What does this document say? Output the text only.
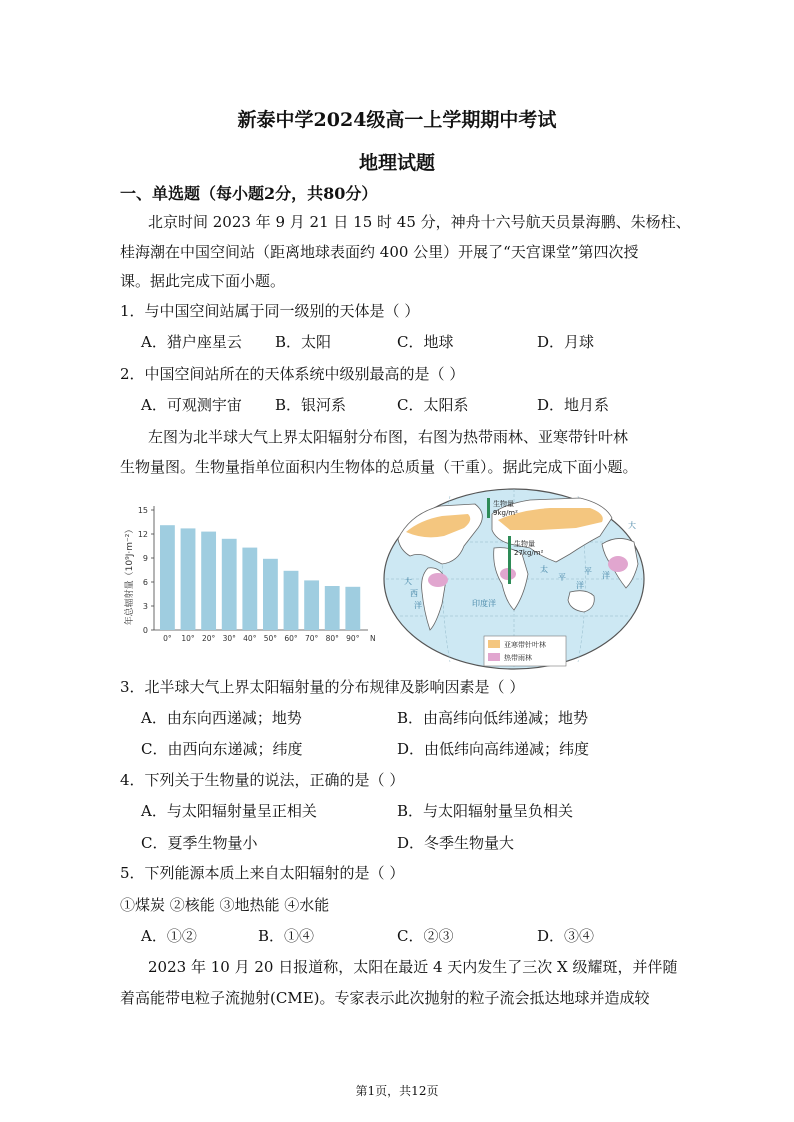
新泰中学2024级高一上学期期中考试
地理试题
一、单选题（每小题2分，共80分）
北京时间 2023 年 9 月 21 日 15 时 45 分，神舟十六号航天员景海鹏、朱杨柱、
桂海潮在中国空间站（距离地球表面约 400 公里）开展了“天宫课堂”第四次授
课。据此完成下面小题。
1．与中国空间站属于同一级别的天体是（ ）
A．猎户座星云 B．太阳	C．地球	D．月球
2．中国空间站所在的天体系统中级别最高的是（ ）
A．可观测宇宙 B．银河系	C．太阳系	D．地月系
左图为北半球大气上界太阳辐射分布图，右图为热带雨林、亚寒带针叶林
生物量图。生物量指单位面积内生物体的总质量（干重）。据此完成下面小题。
年总辐射量（10⁹J·m⁻²）
0
3
6
9
12
15
0° 10° 20° 30° 40° 50° 60° 70° 80° 90° N
生物量
9kg/m²
生物量
27kg/m²
大
西
洋
太
平
洋
印度洋
大
平 洋
亚寒带针叶林
热带雨林
3．北半球大气上界太阳辐射量的分布规律及影响因素是（ ）
A．由东向西递减；地势	B．由高纬向低纬递减；地势
C．由西向东递减；纬度	D．由低纬向高纬递减；纬度
4．下列关于生物量的说法，正确的是（ ）
A．与太阳辐射量呈正相关	B．与太阳辐射量呈负相关
C．夏季生物量小	D．冬季生物量大
5．下列能源本质上来自太阳辐射的是（ ）
①煤炭 ②核能 ③地热能 ④水能
A．①②	B．①④	C．②③	D．③④
2023 年 10 月 20 日报道称，太阳在最近 4 天内发生了三次 X 级耀斑，并伴随
着高能带电粒子流抛射(CME)。专家表示此次抛射的粒子流会抵达地球并造成较
第1页，共12页
